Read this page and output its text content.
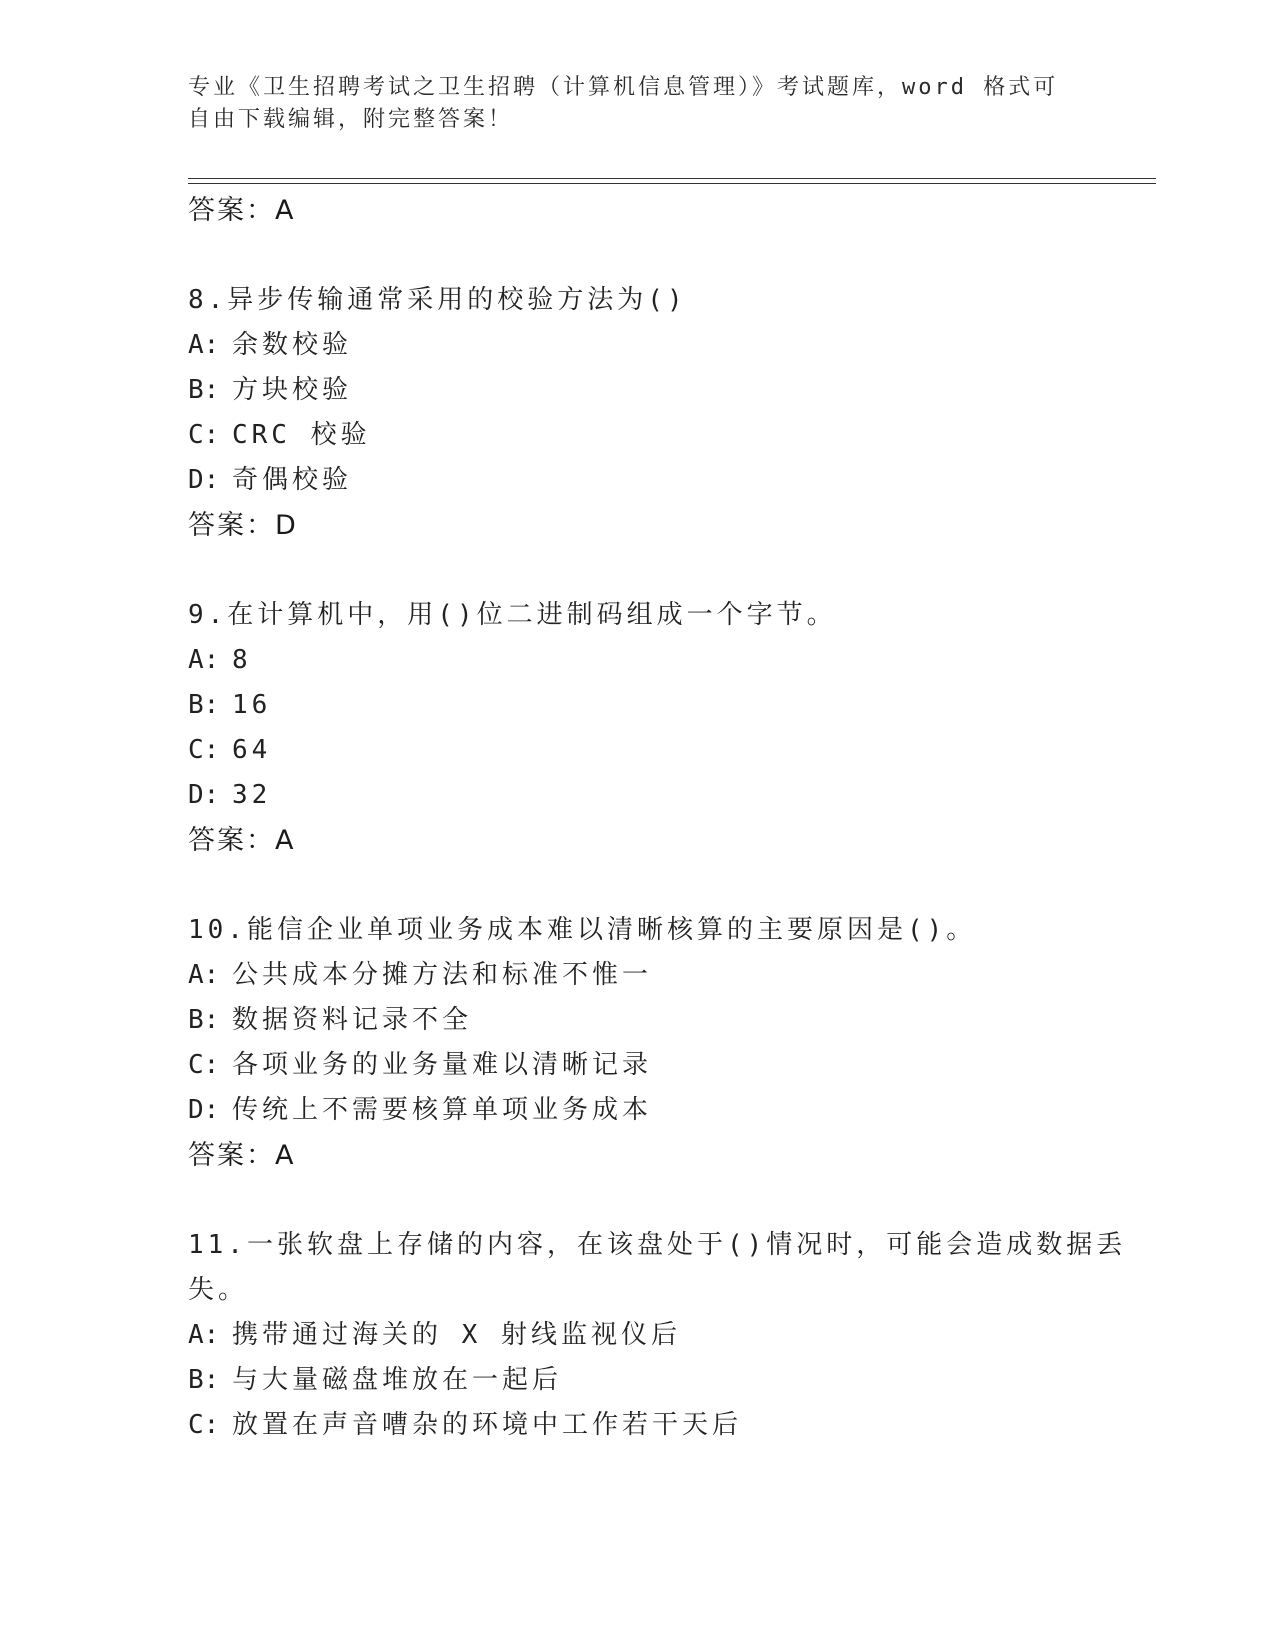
专业《卫生招聘考试之卫生招聘（计算机信息管理）》考试题库，word 格式可自由下载编辑，附完整答案！
答案：A
8.异步传输通常采用的校验方法为()
A: 余数校验
B: 方块校验
C: CRC 校验
D: 奇偶校验
答案：D
9.在计算机中，用()位二进制码组成一个字节。
A: 8
B: 16
C: 64
D: 32
答案：A
10.能信企业单项业务成本难以清晰核算的主要原因是()。
A: 公共成本分摊方法和标准不惟一
B: 数据资料记录不全
C: 各项业务的业务量难以清晰记录
D: 传统上不需要核算单项业务成本
答案：A
11.一张软盘上存储的内容，在该盘处于()情况时，可能会造成数据丢失。
A: 携带通过海关的 X 射线监视仪后
B: 与大量磁盘堆放在一起后
C: 放置在声音嘈杂的环境中工作若干天后
